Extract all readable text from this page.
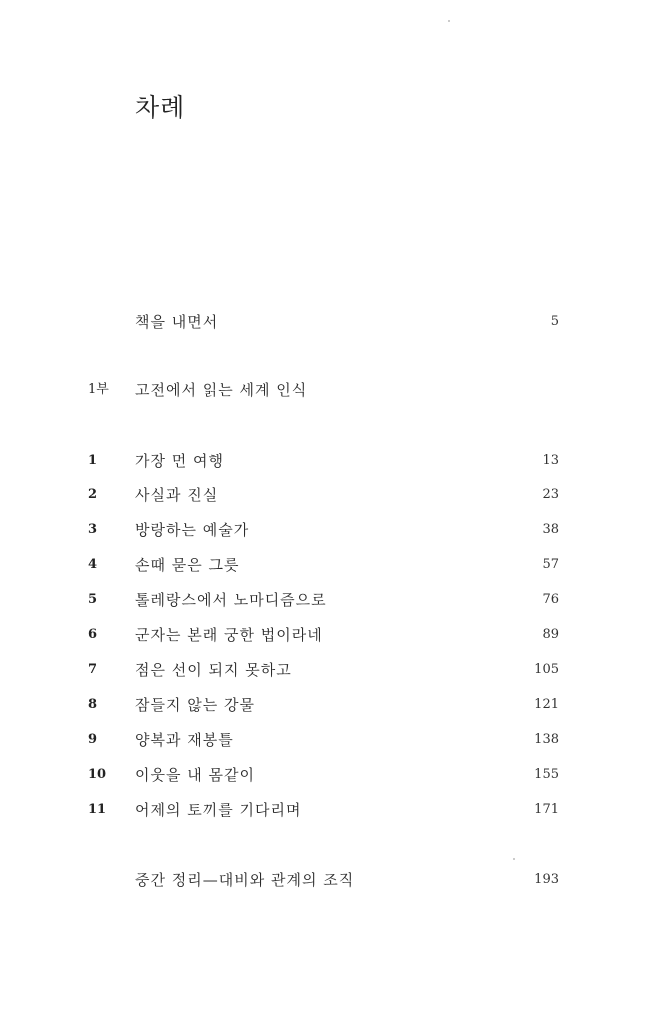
차례
책을 내면서	5
1부 고전에서 읽는 세계 인식
1	가장 먼 여행	13
2	사실과 진실	23
3	방랑하는 예술가	38
4	손때 묻은 그릇	57
5	톨레랑스에서 노마디즘으로	76
6	군자는 본래 궁한 법이라네	89
7	점은 선이 되지 못하고	105
8	잠들지 않는 강물	121
9	양복과 재봉틀	138
10 이웃을 내 몸같이	155
11 어제의 토끼를 기다리며	171
중간 정리—대비와 관계의 조직	193
